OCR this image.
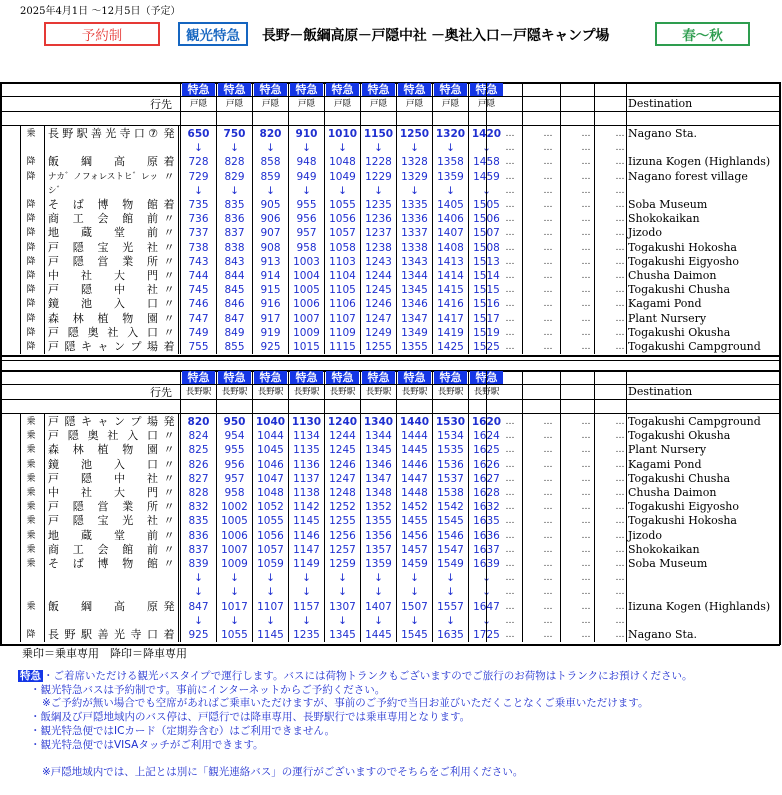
2025年4月1日 ～12月5日（予定）
予約制	観光特急	長野－飯綱高原－戸隠中社 －奥社入口－戸隠キャンプ場	春～秋
乗印＝乗車専用　降印＝降車専用
特急 ・ご着席いただける観光バスタイプで運行します。バスには荷物トランクもございますのでご旅行のお荷物はトランクにお預けください。
・観光特急バスは予約制です。事前にインターネットからご予約ください。
※ご予約が無い場合でも空席があればご乗車いただけますが、事前のご予約で当日お並びいただくことなくご乗車いただけます。
・飯綱及び戸隠地域内のバス停は、戸隠行では降車専用、長野駅行では乗車専用となります。
・観光特急便ではICカード（定期券含む）はご利用できません。
・観光特急便ではVISAタッチがご利用できます。
※戸隠地域内では、上記とは別に「観光連絡バス」の運行がございますのでそちらをご利用ください。
特急
戸隠
特急
戸隠
特急
戸隠
特急
戸隠
特急
戸隠
特急
戸隠
特急
戸隠
特急
戸隠
特急
戸隠
行先	Destination
乗 長野駅善光寺口⑦ 発	650	750	820	910 1010 1150 1250 1320 1420	Nagano Sta.
…	…	…	…
↓	↓	↓	↓	↓	↓	↓	↓	↓	…	…	…	…
降 飯綱高原 着	728	828	858	948	1048 1228 1328 1358 1458	Iizuna Kogen (Highlands)
…	…	…	…
降 ナカ゛ノフォレストヒ゛レッシ゛
〃	729	829	859	949	1049 1229 1329 1359 1459	Nagano forest village
…	…	…	…
↓	↓	↓	↓	↓	↓	↓	↓	↓	…	…	…	…
降 そば博物館 着	735	835	905	955	1055 1235 1335 1405 1505	Soba Museum
…	…	…	…
降 商工会館前 〃	736	836	906	956	1056 1236 1336 1406 1506	Shokokaikan
…	…	…	…
降 地蔵堂前 〃	737	837	907	957	1057 1237 1337 1407 1507	Jizodo
…	…	…	…
降 戸隠宝光社 〃	738	838	908	958	1058 1238 1338 1408 1508	Togakushi Hokosha
…	…	…	…
降 戸隠営業所 〃	743	843	913	1003 1103 1243 1343 1413 1513	Togakushi Eigyosho
…	…	…	…
降 中社大門 〃	744	844	914	1004 1104 1244 1344 1414 1514	Chusha Daimon
…	…	…	…
降 戸隠中社 〃	745	845	915	1005 1105 1245 1345 1415 1515	Togakushi Chusha
…	…	…	…
降 鏡池入口 〃	746	846	916	1006 1106 1246 1346 1416 1516	Kagami Pond
…	…	…	…
降 森林植物園 〃	747	847	917	1007 1107 1247 1347 1417 1517	Plant Nursery
…	…	…	…
降 戸隠奥社入口 〃	749	849	919	1009 1109 1249 1349 1419 1519	Togakushi Okusha
…	…	…	…
降 戸隠キャンプ場 着	755	855	925	1015 1115 1255 1355 1425 1525	Togakushi Campground
…	…	…	…
特急
長野駅
特急
長野駅
特急
長野駅
特急
長野駅
特急
長野駅
特急
長野駅
特急
長野駅
特急
長野駅
特急
長野駅
行先	Destination
乗 戸隠キャンプ場 発	820	950 1040 1130 1240 1340 1440 1530 1620	Togakushi Campground
…	…	…	…
乗 戸隠奥社入口 〃	824	954	1044 1134 1244 1344 1444 1534 1624	Togakushi Okusha
…	…	…	…
乗 森林植物園 〃	825	955	1045 1135 1245 1345 1445 1535 1625	Plant Nursery
…	…	…	…
乗 鏡池入口 〃	826	956	1046 1136 1246 1346 1446 1536 1626	Kagami Pond
…	…	…	…
乗 戸隠中社 〃	827	957	1047 1137 1247 1347 1447 1537 1627	Togakushi Chusha
…	…	…	…
乗 中社大門 〃	828	958	1048 1138 1248 1348 1448 1538 1628	Chusha Daimon
…	…	…	…
乗 戸隠営業所 〃	832	1002 1052 1142 1252 1352 1452 1542 1632	Togakushi Eigyosho
…	…	…	…
乗 戸隠宝光社 〃	835	1005 1055 1145 1255 1355 1455 1545 1635	Togakushi Hokosha
…	…	…	…
乗 地蔵堂前 〃	836	1006 1056 1146 1256 1356 1456 1546 1636	Jizodo
…	…	…	…
乗 商工会館前 〃	837	1007 1057 1147 1257 1357 1457 1547 1637	Shokokaikan
…	…	…	…
乗 そば博物館 〃	839	1009 1059 1149 1259 1359 1459 1549 1639	Soba Museum
…	…	…	…
↓	↓	↓	↓	↓	↓	↓	↓	↓	…	…	…	…
↓	↓	↓	↓	↓	↓	↓	↓	↓	…	…	…	…
乗 飯綱高原 発	847	1017 1107 1157 1307 1407 1507 1557 1647	Iizuna Kogen (Highlands)
…	…	…	…
↓	↓	↓	↓	↓	↓	↓	↓	↓	…	…	…	…
降 長野駅善光寺口 着	925	1055 1145 1235 1345 1445 1545 1635 1725	Nagano Sta.
…	…	…	…
